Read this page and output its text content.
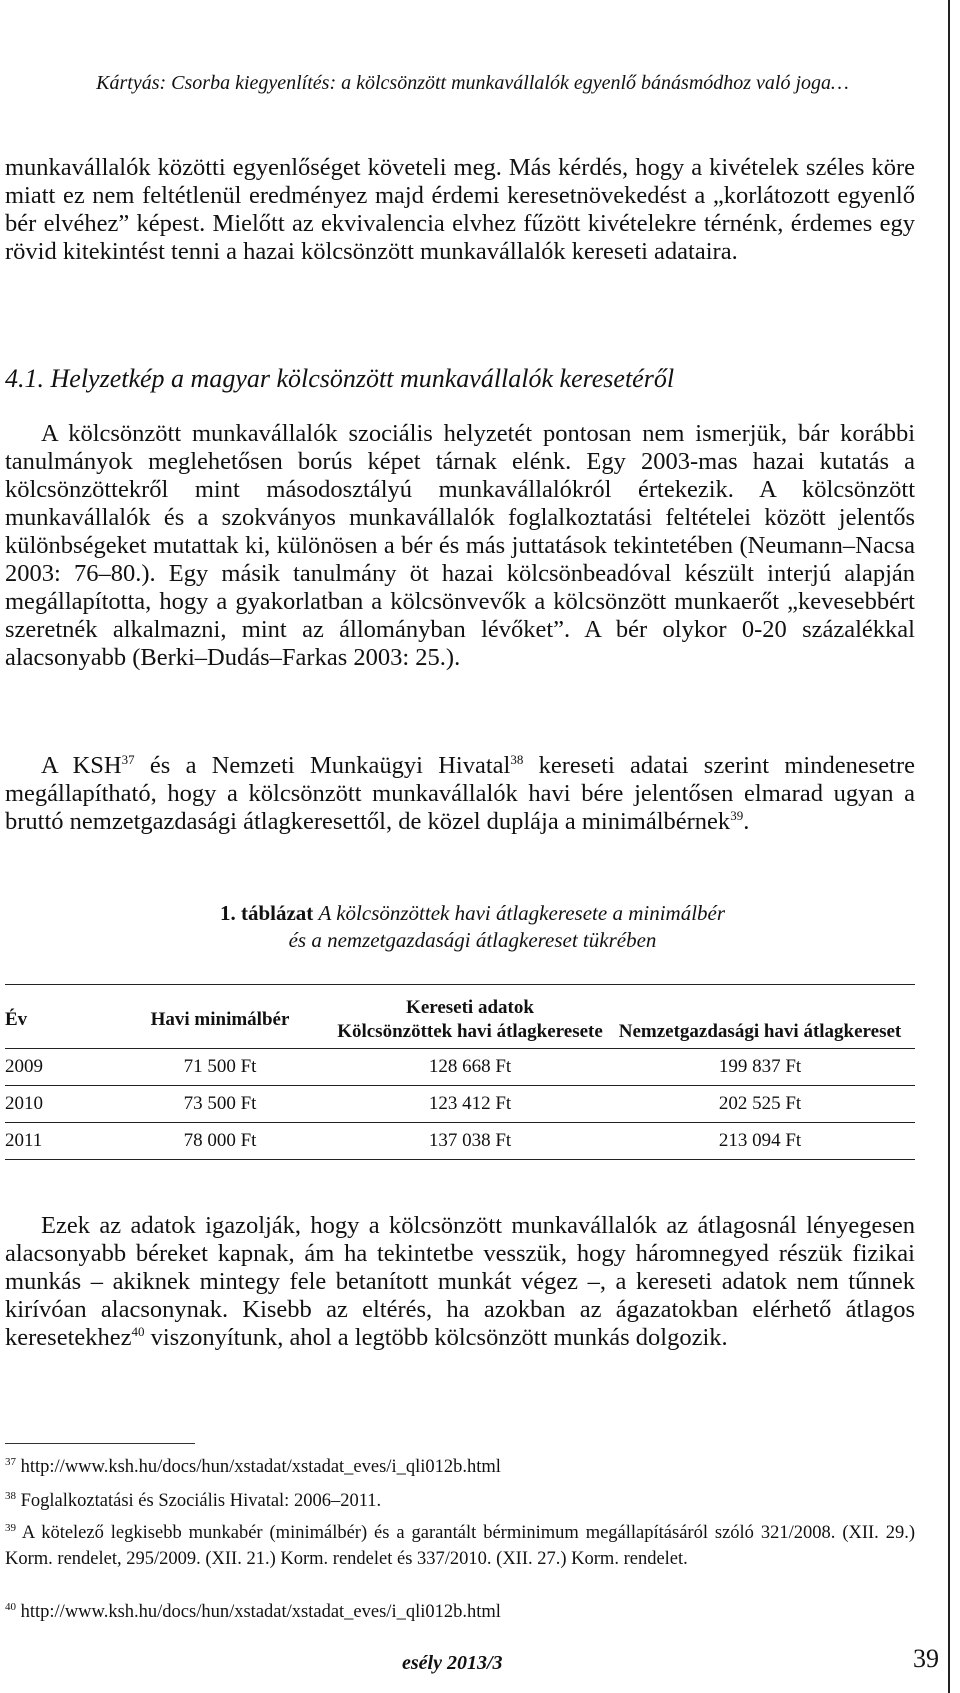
Kártyás: Csorba kiegyenlítés: a kölcsönzött munkavállalók egyenlő bánásmódhoz való joga…

munkavállalók közötti egyenlőséget követeli meg. Más kérdés, hogy a kivételek széles köre miatt ez nem feltétlenül eredményez majd érdemi keresetnövekedést a „korlátozott egyenlő bér elvéhez” képest. Mielőtt az ekvivalencia elvhez fűzött kivételekre térnénk, érdemes egy rövid kitekintést tenni a hazai kölcsönzött munkavállalók kereseti adataira.

4.1. Helyzetkép a magyar kölcsönzött munkavállalók keresetéről

A kölcsönzött munkavállalók szociális helyzetét pontosan nem ismerjük, bár korábbi tanulmányok meglehetősen borús képet tárnak elénk. Egy 2003-mas hazai kutatás a kölcsönzöttekről mint másodosztályú munkavállalókról értekezik. A kölcsönzött munkavállalók és a szokványos munkavállalók foglalkoztatási feltételei között jelentős különbségeket mutattak ki, különösen a bér és más juttatások tekintetében (Neumann–Nacsa 2003: 76–80.). Egy másik tanulmány öt hazai kölcsönbeadóval készült interjú alapján megállapította, hogy a gyakorlatban a kölcsönvevők a kölcsönzött munkaerőt „kevesebbért szeretnék alkalmazni, mint az állományban lévőket”. A bér olykor 0-20 százalékkal alacsonyabb (Berki–Dudás–Farkas 2003: 25.).

A KSH$^{37}$ és a Nemzeti Munkaügyi Hivatal$^{38}$ kereseti adatai szerint mindenesetre megállapítható, hogy a kölcsönzött munkavállalók havi bére jelentősen elmarad ugyan a bruttó nemzetgazdasági átlagkeresettől, de közel duplája a minimálbérnek$^{39}$.

1. táblázat A kölcsönzöttek havi átlagkeresete a minimálbér
és a nemzetgazdasági átlagkereset tükrében
Év	Havi minimálbér	Kereseti adatok	
		Kölcsönzöttek havi átlagkeresete	Nemzetgazdasági havi átlagkereset
2009	71 500 Ft	128 668 Ft	199 837 Ft
2010	73 500 Ft	123 412 Ft	202 525 Ft
2011	78 000 Ft	137 038 Ft	213 094 Ft

Ezek az adatok igazolják, hogy a kölcsönzött munkavállalók az átlagosnál lényegesen alacsonyabb béreket kapnak, ám ha tekintetbe vesszük, hogy háromnegyed részük fizikai munkás – akiknek mintegy fele betanított munkát végez –, a kereseti adatok nem tűnnek kirívóan alacsonynak. Kisebb az eltérés, ha azokban az ágazatokban elérhető átlagos keresetekhez$^{40}$ viszonyítunk, ahol a legtöbb kölcsönzött munkás dolgozik.

$^{37}$ http://www.ksh.hu/docs/hun/xstadat/xstadat_eves/i_qli012b.html
$^{38}$ Foglalkoztatási és Szociális Hivatal: 2006–2011.
$^{39}$ A kötelező legkisebb munkabér (minimálbér) és a garantált bérminimum megállapításáról szóló 321/2008. (XII. 29.) Korm. rendelet, 295/2009. (XII. 21.) Korm. rendelet és 337/2010. (XII. 27.) Korm. rendelet.
$^{40}$ http://www.ksh.hu/docs/hun/xstadat/xstadat_eves/i_qli012b.html
esély 2013/3	39
